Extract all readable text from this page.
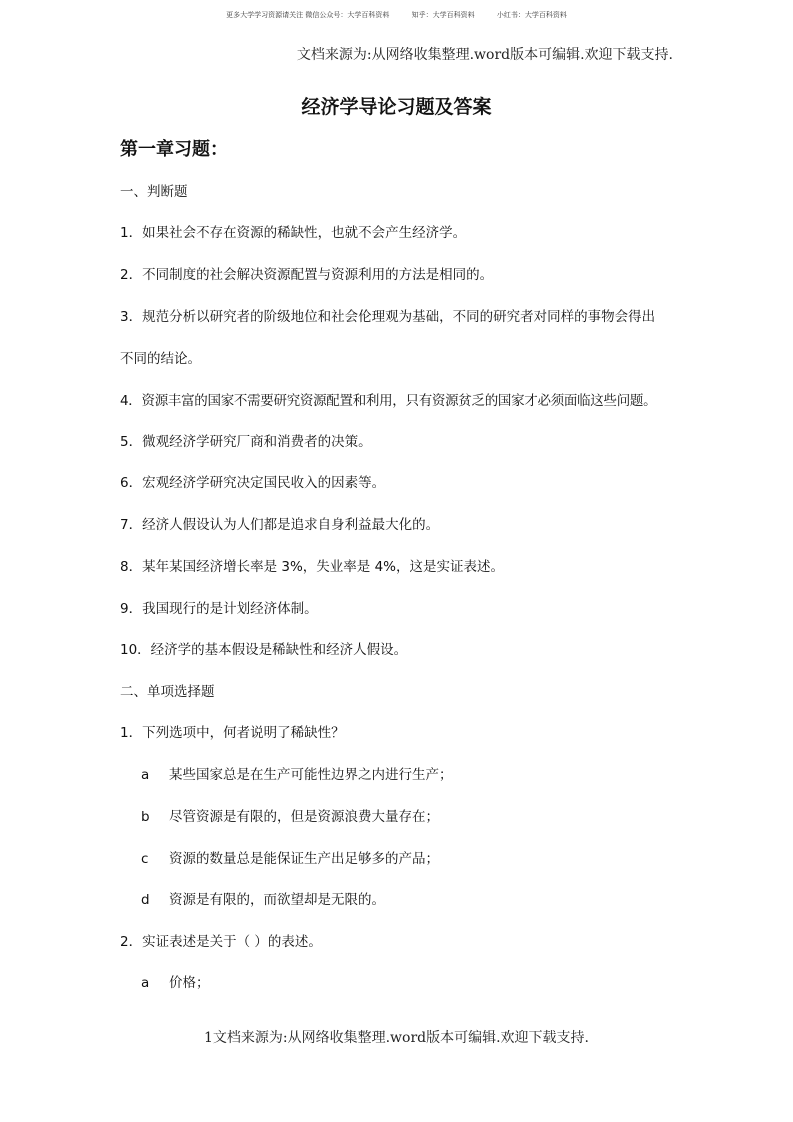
更多大学学习资源请关注 微信公众号：大学百科资料	知乎：大学百科资料	小红书：大学百科资料
文档来源为:从网络收集整理.word版本可编辑.欢迎下载支持.
经济学导论习题及答案
第一章习题：
一、判断题
1．如果社会不存在资源的稀缺性，也就不会产生经济学。
2．不同制度的社会解决资源配置与资源利用的方法是相同的。
3．规范分析以研究者的阶级地位和社会伦理观为基础，不同的研究者对同样的事物会得出
不同的结论。
4．资源丰富的国家不需要研究资源配置和利用，只有资源贫乏的国家才必须面临这些问题。
5．微观经济学研究厂商和消费者的决策。
6．宏观经济学研究决定国民收入的因素等。
7．经济人假设认为人们都是追求自身利益最大化的。
8．某年某国经济增长率是 3%，失业率是 4%，这是实证表述。
9．我国现行的是计划经济体制。
10．经济学的基本假设是稀缺性和经济人假设。
二、单项选择题
1．下列选项中，何者说明了稀缺性？
a 某些国家总是在生产可能性边界之内进行生产；
b 尽管资源是有限的，但是资源浪费大量存在；
c 资源的数量总是能保证生产出足够多的产品；
d 资源是有限的，而欲望却是无限的。
2．实证表述是关于（ ）的表述。
a 价格；
1文档来源为:从网络收集整理.word版本可编辑.欢迎下载支持.
